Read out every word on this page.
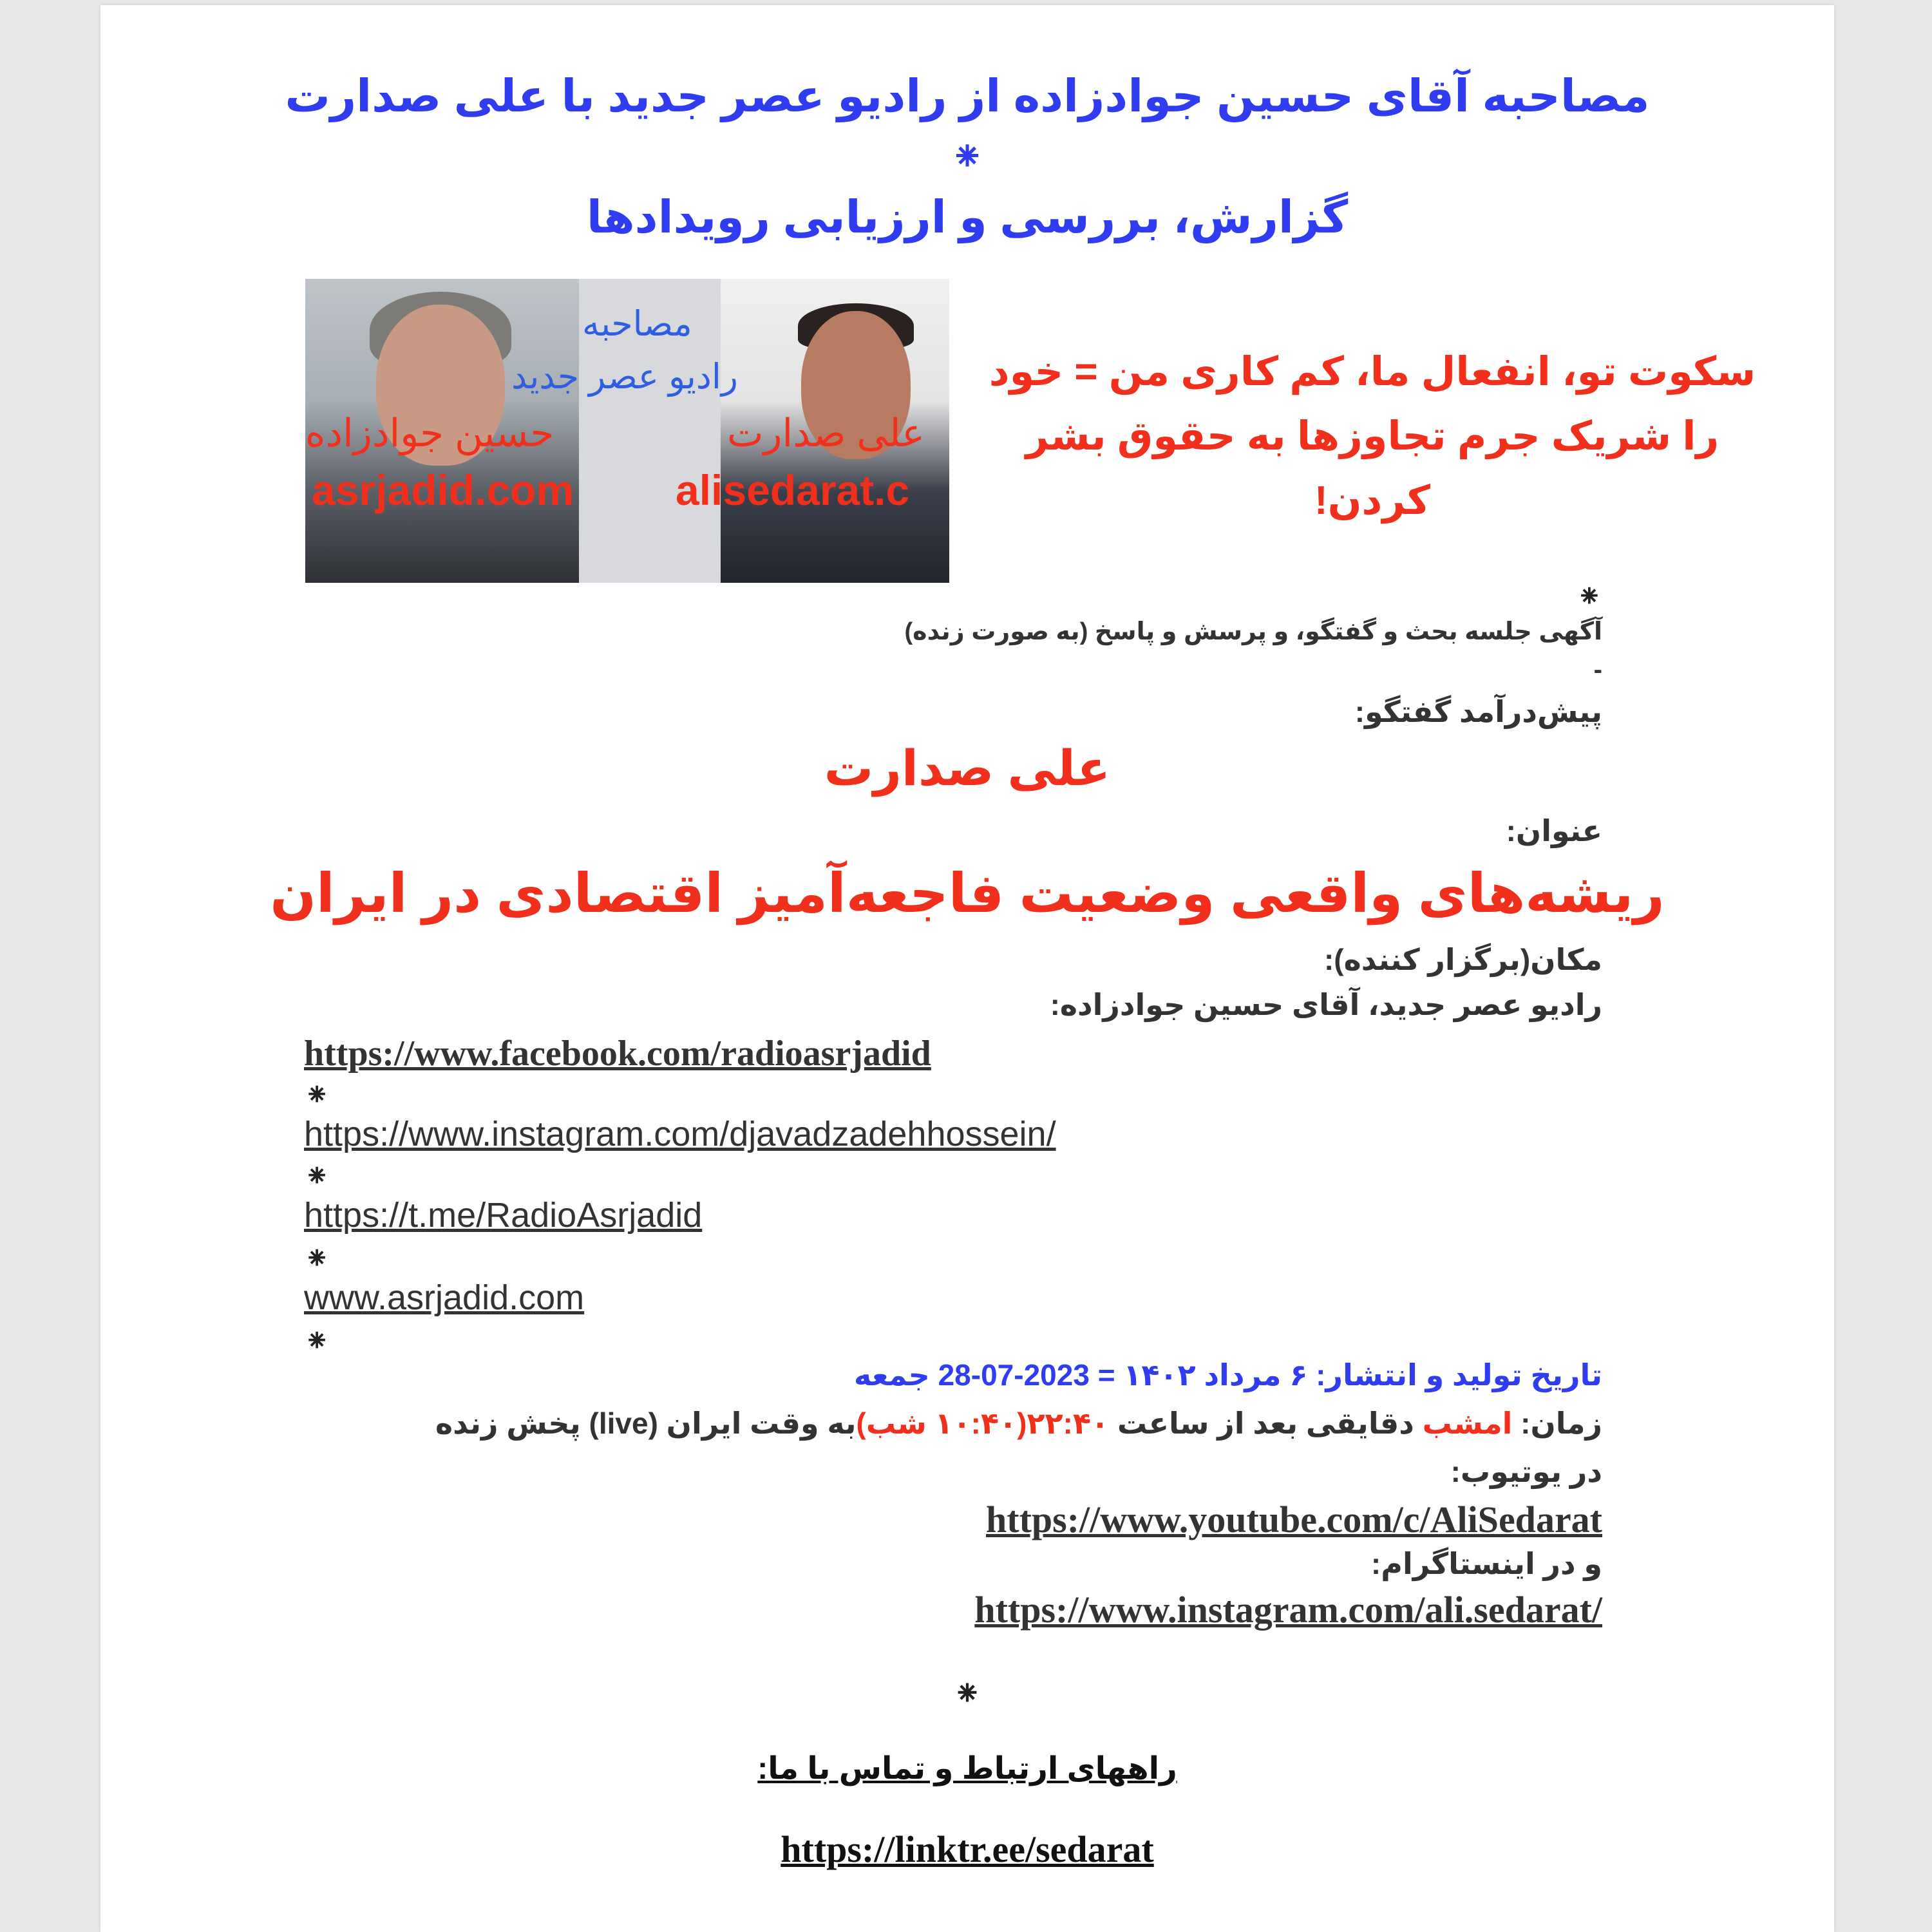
مصاحبه آقای حسین جوادزاده از رادیو عصر جدید با علی صدارت

⁕

گزارش، بررسی و ارزیابی رویدادها

مصاحبه
رادیو عصر جدید
حسین جوادزاده	علی صدارت
asrjadid.com alisedarat.c

سکوت تو، انفعال ما، کم کاری من = خود را شریک جرم تجاوزها به حقوق بشر کردن!

⁕

آگهی جلسه بحث و گفتگو، و پرسش و پاسخ (به صورت زنده)

-

پیش‌درآمد گفتگو:

علی صدارت

عنوان:

ریشه‌های واقعی وضعیت فاجعه‌آمیز اقتصادی در ایران

مکان(برگزار کننده):

رادیو عصر جدید، آقای حسین جوادزاده:

https://www.facebook.com/radioasrjadid

⁕

https://www.instagram.com/djavadzadehhossein/

⁕

https://t.me/RadioAsrjadid

⁕

www.asrjadid.com

⁕

تاریخ تولید و انتشار: ۶ مرداد ۱۴۰۲ = 2023-07-28 جمعه

زمان: امشب دقایقی بعد از ساعت ۲۲:۴۰(۱۰:۴۰ شب)به وقت ایران (live) پخش زنده

در یوتیوب:

https://www.youtube.com/c/AliSedarat

و در اینستاگرام:

https://www.instagram.com/ali.sedarat/

⁕

راههای ارتباط و تماس با ما:

https://linktr.ee/sedarat
